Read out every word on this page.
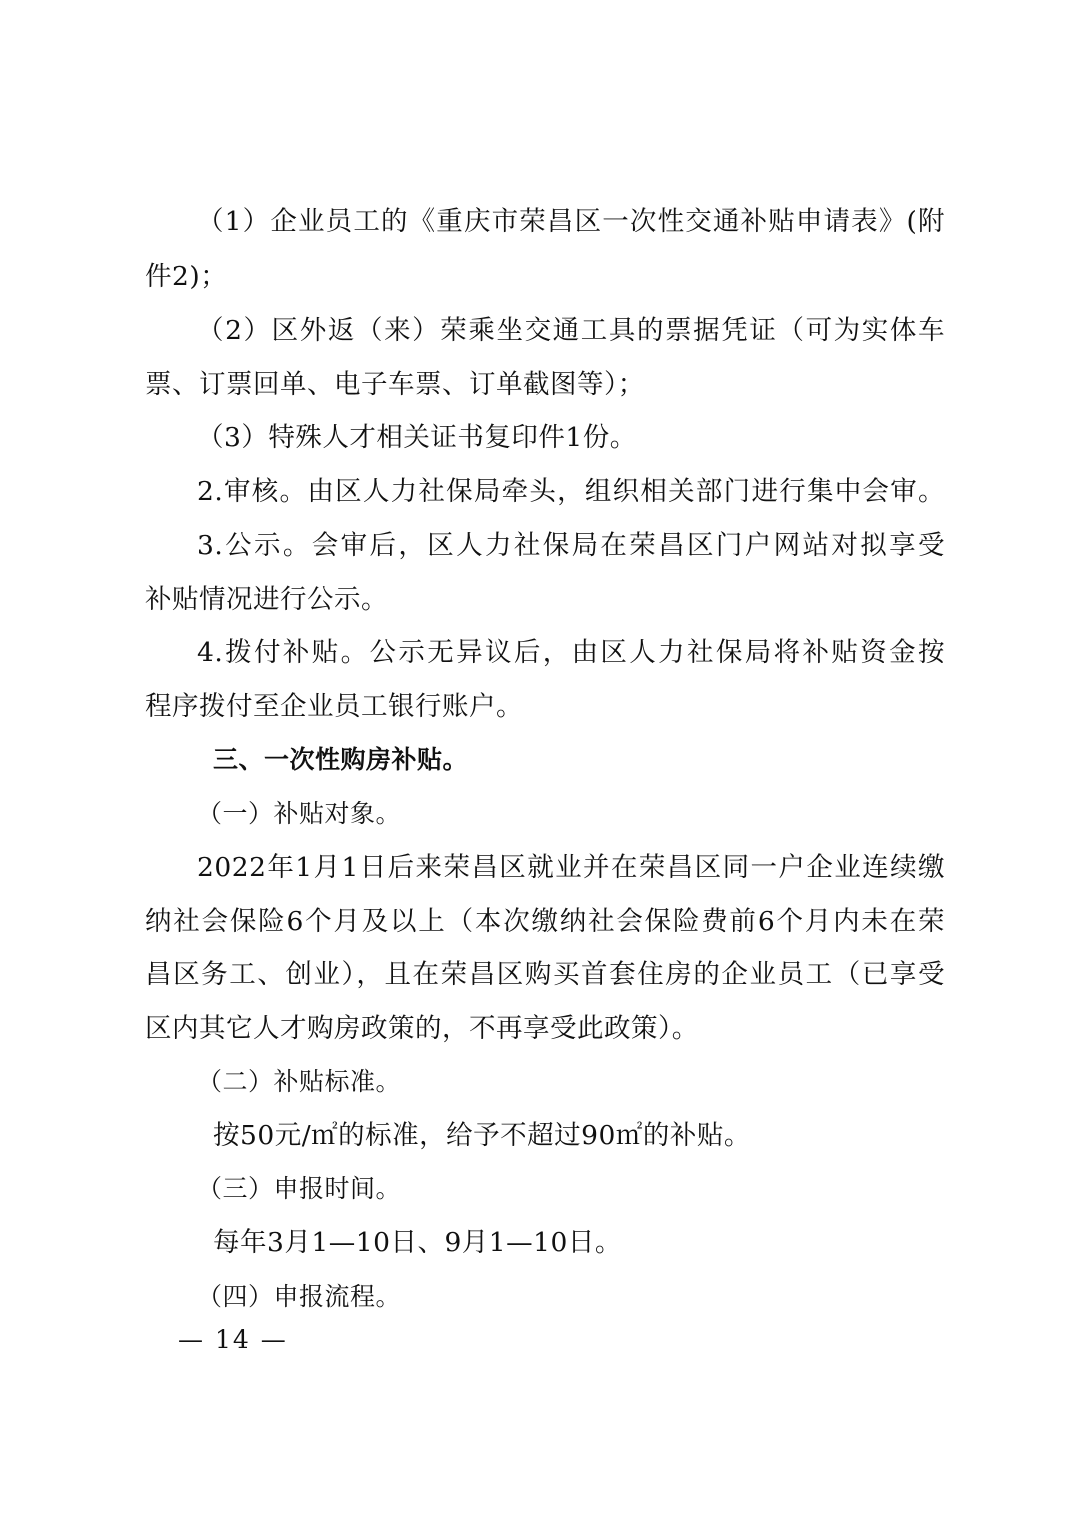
（1）企业员工的《重庆市荣昌区一次性交通补贴申请表》(附
件2)；
（2）区外返（来）荣乘坐交通工具的票据凭证（可为实体车
票、订票回单、电子车票、订单截图等）；
（3）特殊人才相关证书复印件1份。
2.审核。由区人力社保局牵头，组织相关部门进行集中会审。
3.公示。会审后，区人力社保局在荣昌区门户网站对拟享受
补贴情况进行公示。
4.拨付补贴。公示无异议后，由区人力社保局将补贴资金按
程序拨付至企业员工银行账户。
三、一次性购房补贴。
（一）补贴对象。
2022年1月1日后来荣昌区就业并在荣昌区同一户企业连续缴
纳社会保险6个月及以上（本次缴纳社会保险费前6个月内未在荣
昌区务工、创业），且在荣昌区购买首套住房的企业员工（已享受
区内其它人才购房政策的，不再享受此政策）。
（二）补贴标准。
按50元/㎡的标准，给予不超过90㎡的补贴。
（三）申报时间。
每年3月1—10日、9月1—10日。
（四）申报流程。
— 14 —
